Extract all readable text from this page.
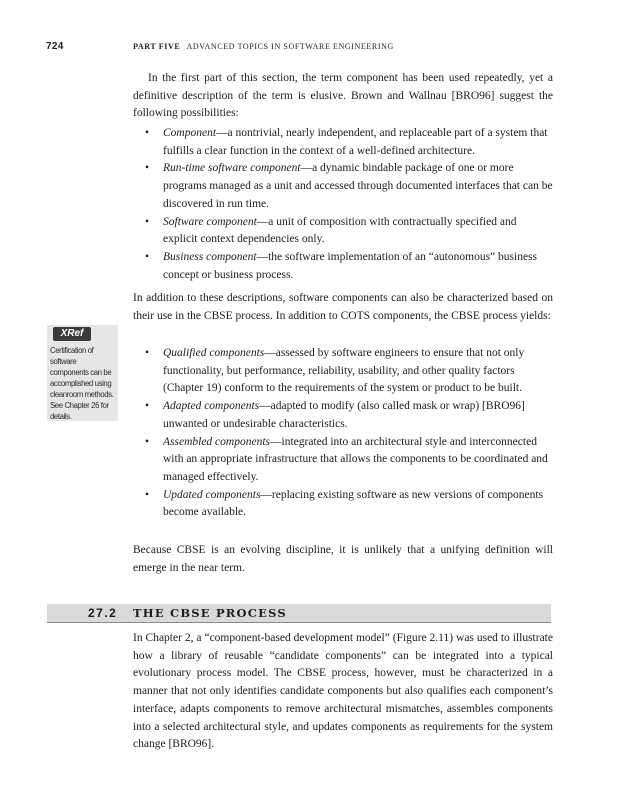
724	PART FIVE ADVANCED TOPICS IN SOFTWARE ENGINEERING

In the first part of this section, the term component has been used repeatedly, yet a definitive description of the term is elusive. Brown and Wallnau [BRO96] suggest the following possibilities:

• Component—a nontrivial, nearly independent, and replaceable part of a system that fulfills a clear function in the context of a well-defined architecture.
• Run-time software component—a dynamic bindable package of one or more programs managed as a unit and accessed through documented interfaces that can be discovered in run time.
• Software component—a unit of composition with contractually specified and explicit context dependencies only.
• Business component—the software implementation of an “autonomous” business concept or business process.

In addition to these descriptions, software components can also be characterized based on their use in the CBSE process. In addition to COTS components, the CBSE process yields:

XRef
Certification of software components can be accomplished using cleanroom methods. See Chapter 26 for details.
• Qualified components—assessed by software engineers to ensure that not only functionality, but performance, reliability, usability, and other quality factors (Chapter 19) conform to the requirements of the system or product to be built.
• Adapted components—adapted to modify (also called mask or wrap) [BRO96] unwanted or undesirable characteristics.
• Assembled components—integrated into an architectural style and interconnected with an appropriate infrastructure that allows the components to be coordinated and managed effectively.
• Updated components—replacing existing software as new versions of components become available.

Because CBSE is an evolving discipline, it is unlikely that a unifying definition will emerge in the near term.

27.2 THE CBSE PROCESS

In Chapter 2, a “component-based development model” (Figure 2.11) was used to illustrate how a library of reusable “candidate components” can be integrated into a typical evolutionary process model. The CBSE process, however, must be characterized in a manner that not only identifies candidate components but also qualifies each component’s interface, adapts components to remove architectural mismatches, assembles components into a selected architectural style, and updates components as requirements for the system change [BRO96].
